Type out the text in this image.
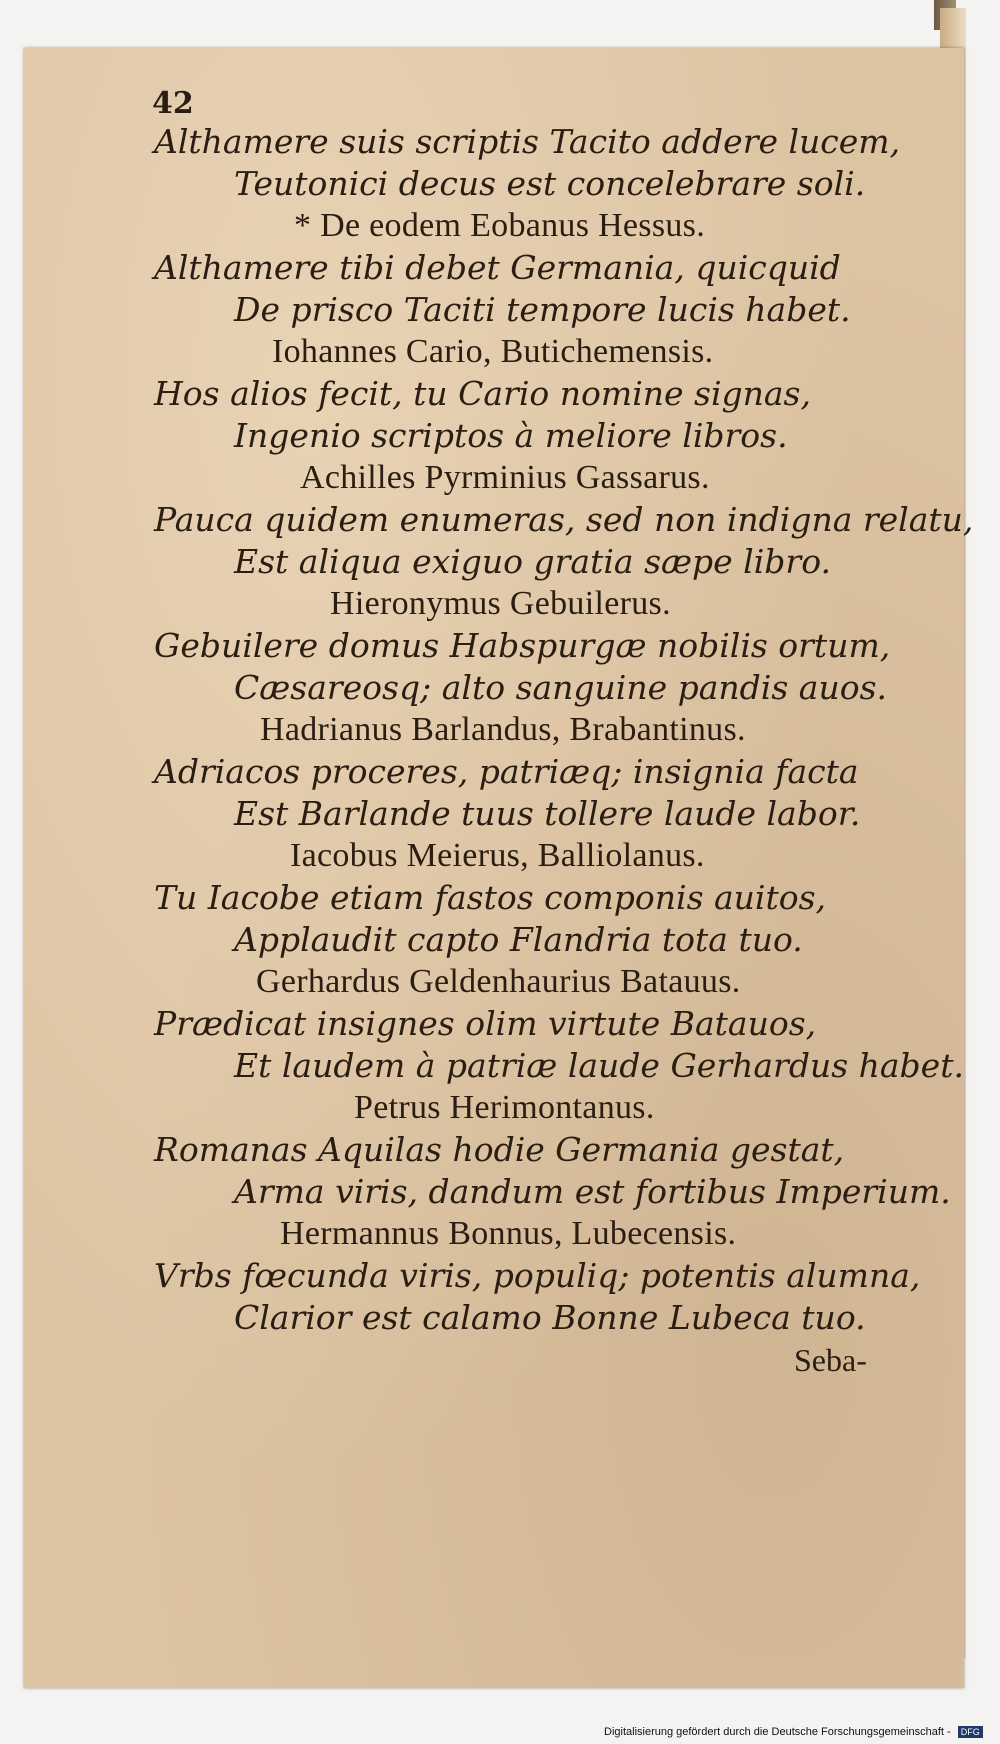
42
Althamere suis scriptis Tacito addere lucem,
Teutonici decus est concelebrare soli.
* De eodem Eobanus Hessus.
Althamere tibi debet Germania, quicquid
De prisco Taciti tempore lucis habet.
Iohannes Cario, Butichemensis.
Hos alios fecit, tu Cario nomine signas,
Ingenio scriptos à meliore libros.
Achilles Pyrminius Gassarus.
Pauca quidem enumeras, sed non indigna relatu,
Est aliqua exiguo gratia sæpe libro.
Hieronymus Gebuilerus.
Gebuilere domus Habspurgæ nobilis ortum,
Cæsareosq; alto sanguine pandis auos.
Hadrianus Barlandus, Brabantinus.
Adriacos proceres, patriæq; insignia facta
Est Barlande tuus tollere laude labor.
Iacobus Meierus, Balliolanus.
Tu Iacobe etiam fastos componis auitos,
Applaudit capto Flandria tota tuo.
Gerhardus Geldenhaurius Batauus.
Prædicat insignes olim virtute Batauos,
Et laudem à patriæ laude Gerhardus habet.
Petrus Herimontanus.
Romanas Aquilas hodie Germania gestat,
Arma viris, dandum est fortibus Imperium.
Hermannus Bonnus, Lubecensis.
Vrbs fœcunda viris, populiq; potentis alumna,
Clarior est calamo Bonne Lubeca tuo.
Seba-
Digitalisierung gefördert durch die Deutsche Forschungsgemeinschaft - DFG
